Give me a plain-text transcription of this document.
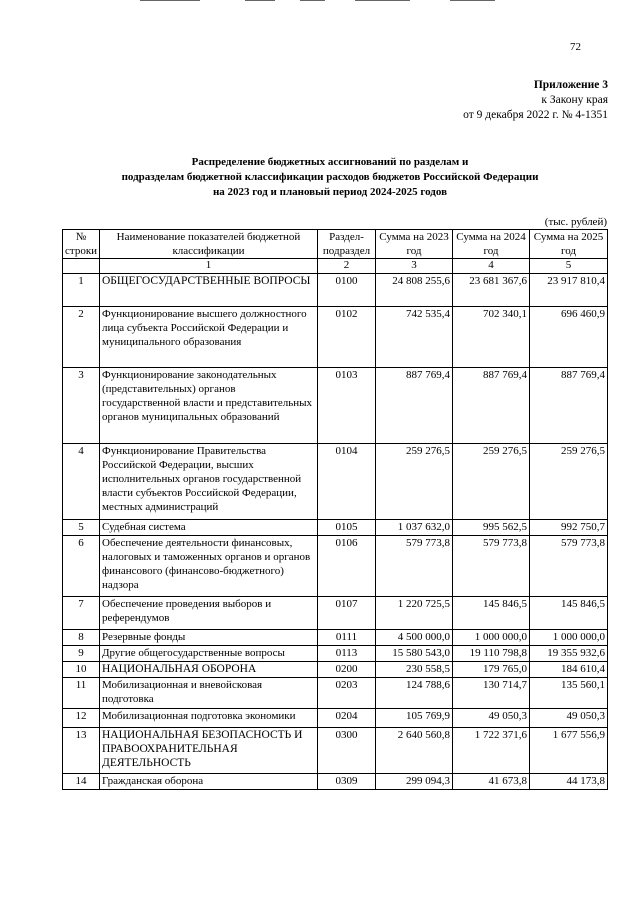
72
Приложение 3
к Закону края
от 9 декабря 2022 г. № 4-1351
Распределение бюджетных ассигнований по разделам и
подразделам бюджетной классификации расходов бюджетов Российской Федерации
на 2023 год и плановый период 2024-2025 годов
(тыс. рублей)
№ строки	Наименование показателей бюджетной классификации	Раздел-подраздел	Сумма на 2023 год	Сумма на 2024 год	Сумма на 2025 год
	1	2	3	4	5
1	ОБЩЕГОСУДАРСТВЕННЫЕ ВОПРОСЫ	0100	24 808 255,6	23 681 367,6	23 917 810,4
2	Функционирование высшего должностного лица субъекта Российской Федерации и муниципального образования	0102	742 535,4	702 340,1	696 460,9
3	Функционирование законодательных (представительных) органов государственной власти и представительных органов муниципальных образований	0103	887 769,4	887 769,4	887 769,4
4	Функционирование Правительства Российской Федерации, высших исполнительных органов государственной власти субъектов Российской Федерации, местных администраций	0104	259 276,5	259 276,5	259 276,5
5	Судебная система	0105	1 037 632,0	995 562,5	992 750,7
6	Обеспечение деятельности финансовых, налоговых и таможенных органов и органов финансового (финансово-бюджетного) надзора	0106	579 773,8	579 773,8	579 773,8
7	Обеспечение проведения выборов и референдумов	0107	1 220 725,5	145 846,5	145 846,5
8	Резервные фонды	0111	4 500 000,0	1 000 000,0	1 000 000,0
9	Другие общегосударственные вопросы	0113	15 580 543,0	19 110 798,8	19 355 932,6
10	НАЦИОНАЛЬНАЯ ОБОРОНА	0200	230 558,5	179 765,0	184 610,4
11	Мобилизационная и вневойсковая подготовка	0203	124 788,6	130 714,7	135 560,1
12	Мобилизационная подготовка экономики	0204	105 769,9	49 050,3	49 050,3
13	НАЦИОНАЛЬНАЯ БЕЗОПАСНОСТЬ И ПРАВООХРАНИТЕЛЬНАЯ ДЕЯТЕЛЬНОСТЬ	0300	2 640 560,8	1 722 371,6	1 677 556,9
14	Гражданская оборона	0309	299 094,3	41 673,8	44 173,8
